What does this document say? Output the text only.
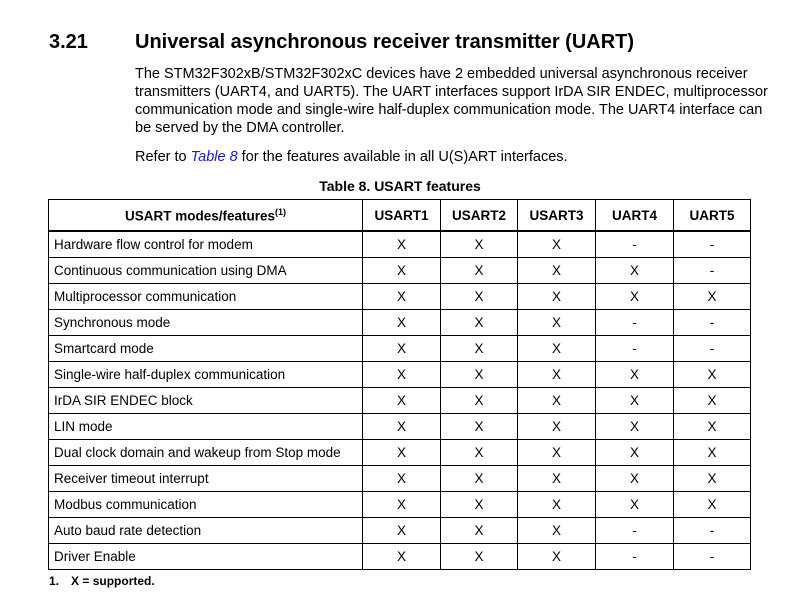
3.21 Universal asynchronous receiver transmitter (UART)
The STM32F302xB/STM32F302xC devices have 2 embedded universal asynchronous receiver transmitters (UART4, and UART5). The UART interfaces support IrDA SIR ENDEC, multiprocessor communication mode and single-wire half-duplex communication mode. The UART4 interface can be served by the DMA controller.
Refer to Table 8 for the features available in all U(S)ART interfaces.
Table 8. USART features
USART modes/features$^{(1)}$	USART1	USART2	USART3	UART4	UART5
Hardware flow control for modem	X	X	X	-	-
Continuous communication using DMA	X	X	X	X	-
Multiprocessor communication	X	X	X	X	X
Synchronous mode	X	X	X	-	-
Smartcard mode	X	X	X	-	-
Single-wire half-duplex communication	X	X	X	X	X
IrDA SIR ENDEC block	X	X	X	X	X
LIN mode	X	X	X	X	X
Dual clock domain and wakeup from Stop mode	X	X	X	X	X
Receiver timeout interrupt	X	X	X	X	X
Modbus communication	X	X	X	X	X
Auto baud rate detection	X	X	X	-	-
Driver Enable	X	X	X	-	-
1. X = supported.
